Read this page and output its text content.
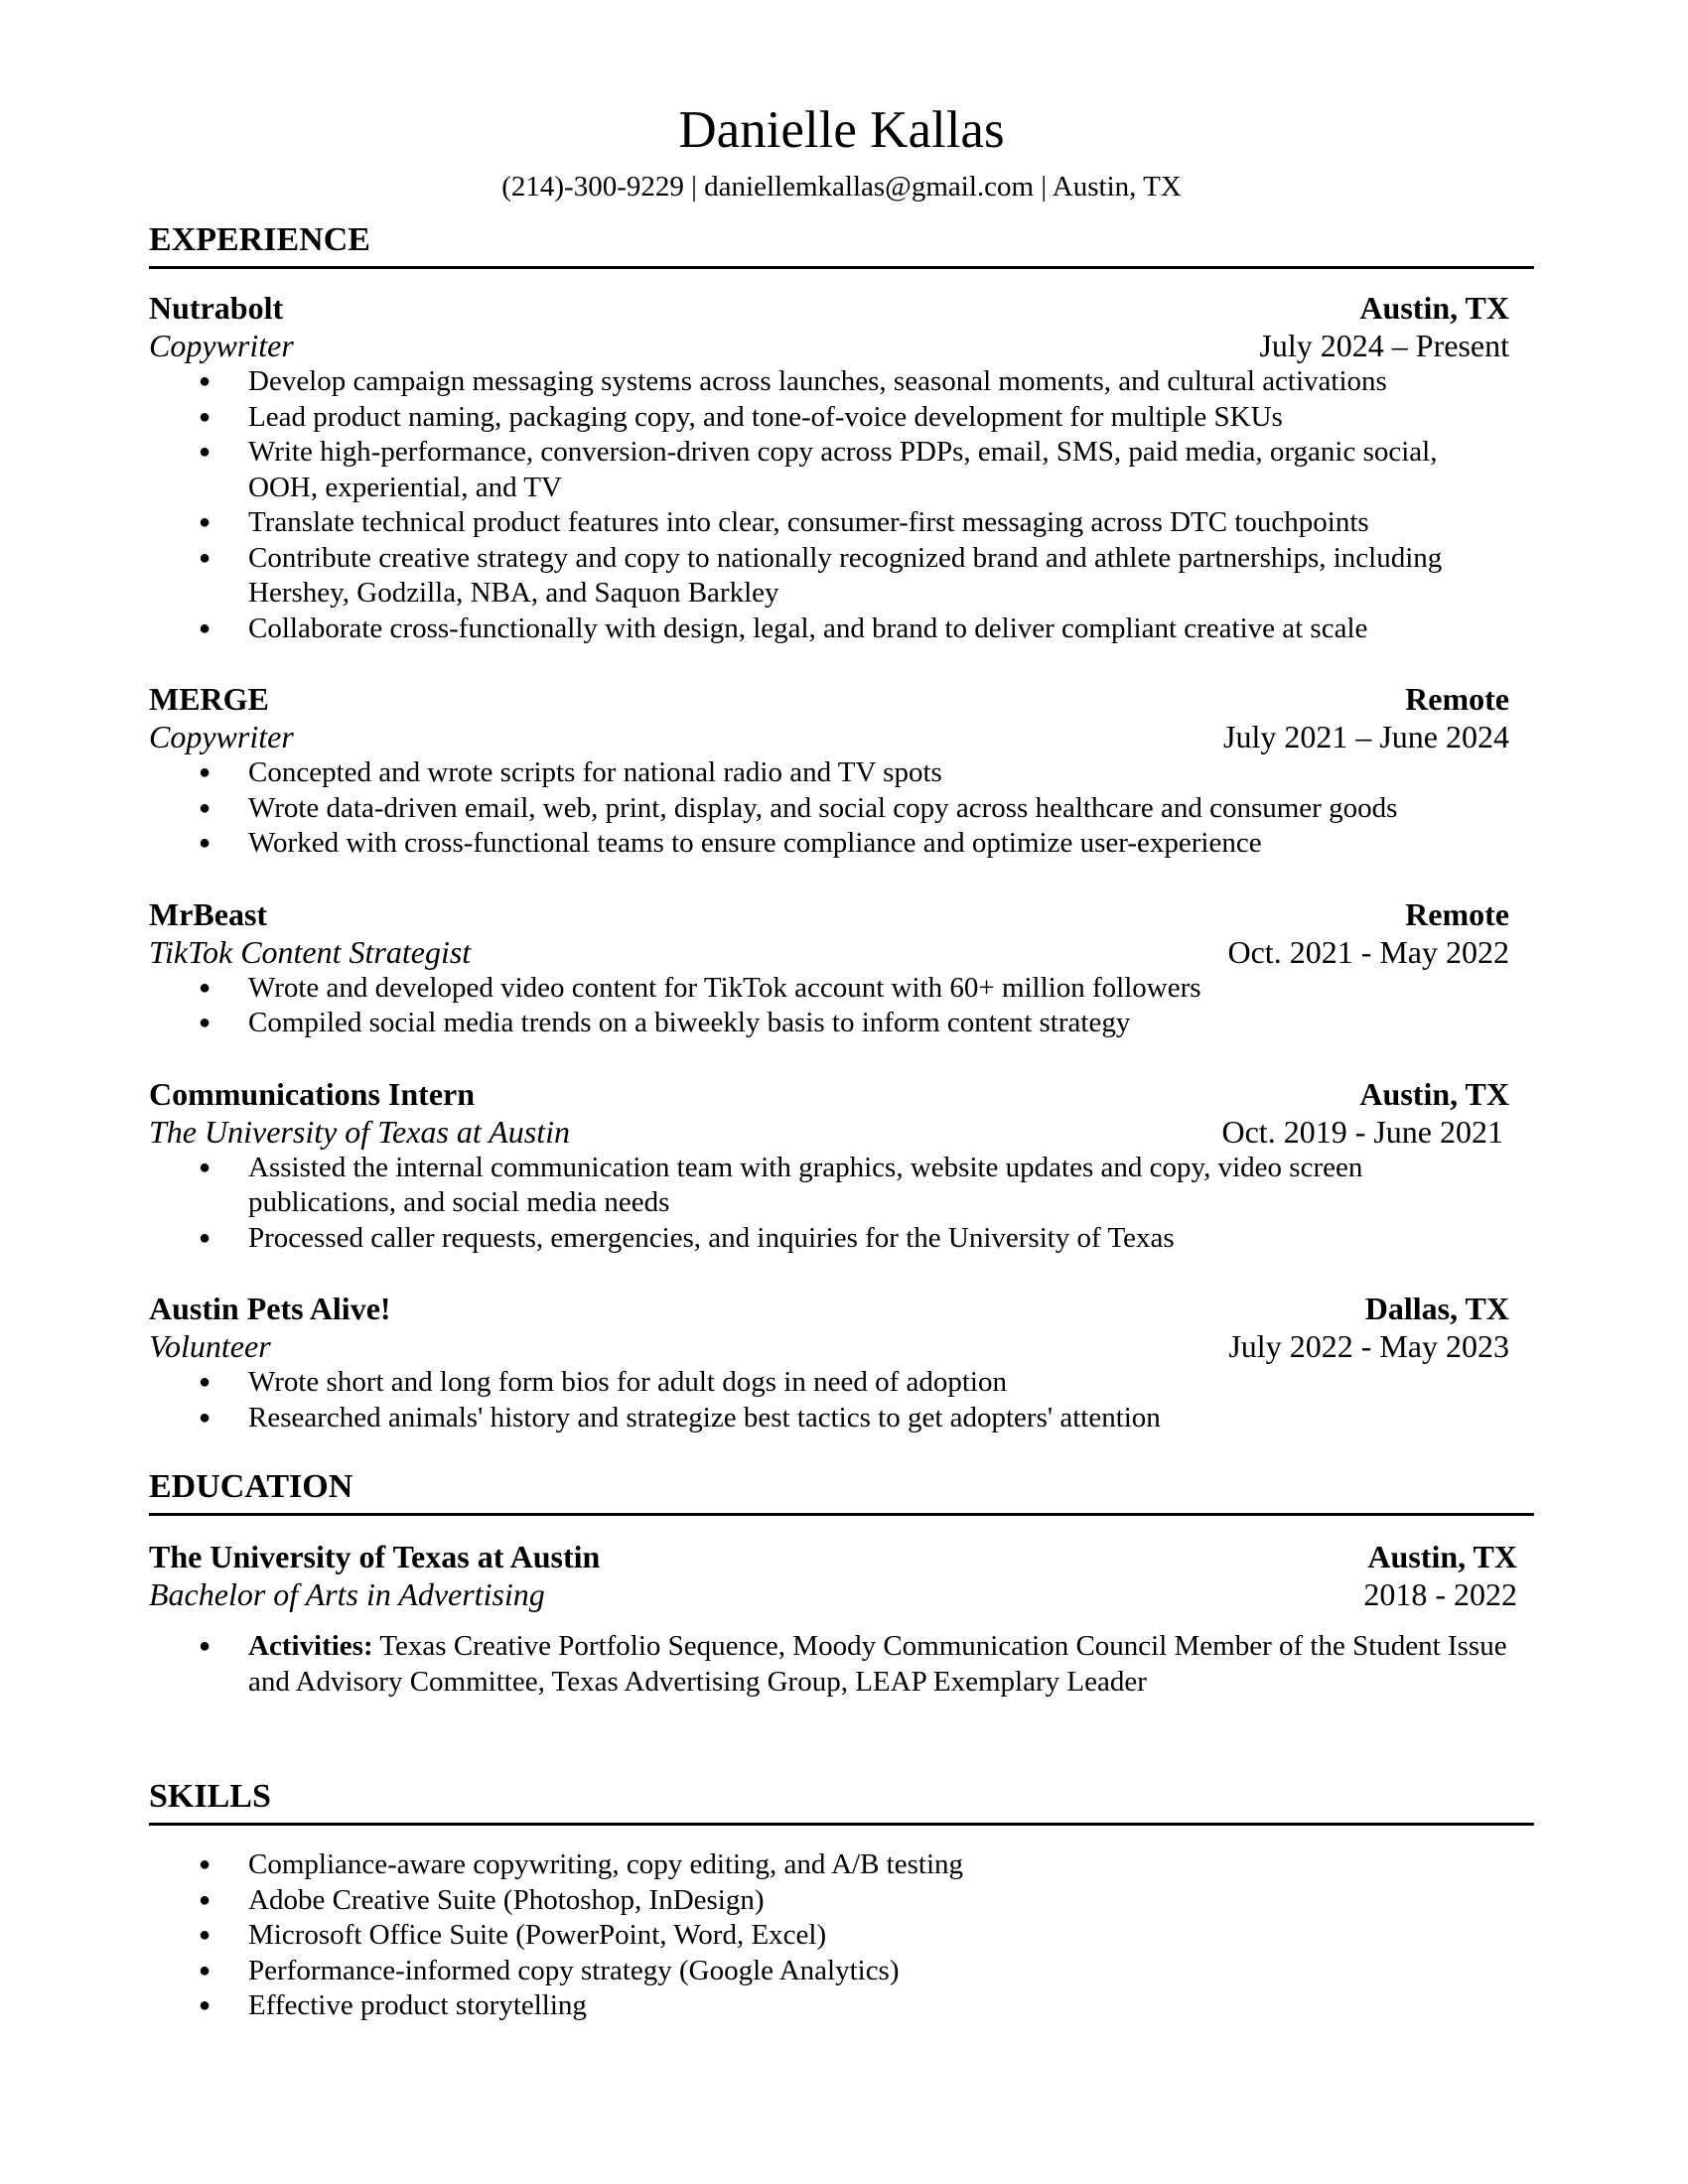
Danielle Kallas
(214)-300-9229 | daniellemkallas@gmail.com | Austin, TX
EXPERIENCE
Nutrabolt	Austin, TX
Copywriter	July 2024 – Present
● Develop campaign messaging systems across launches, seasonal moments, and cultural activations
● Lead product naming, packaging copy, and tone-of-voice development for multiple SKUs
● Write high-performance, conversion-driven copy across PDPs, email, SMS, paid media, organic social, OOH, experiential, and TV
● Translate technical product features into clear, consumer-first messaging across DTC touchpoints
● Contribute creative strategy and copy to nationally recognized brand and athlete partnerships, including Hershey, Godzilla, NBA, and Saquon Barkley
● Collaborate cross-functionally with design, legal, and brand to deliver compliant creative at scale
MERGE	Remote
Copywriter	July 2021 – June 2024
● Concepted and wrote scripts for national radio and TV spots
● Wrote data-driven email, web, print, display, and social copy across healthcare and consumer goods
● Worked with cross-functional teams to ensure compliance and optimize user-experience
MrBeast	Remote
TikTok Content Strategist	Oct. 2021 - May 2022
● Wrote and developed video content for TikTok account with 60+ million followers
● Compiled social media trends on a biweekly basis to inform content strategy
Communications Intern	Austin, TX
The University of Texas at Austin	Oct. 2019 - June 2021
● Assisted the internal communication team with graphics, website updates and copy, video screen publications, and social media needs
● Processed caller requests, emergencies, and inquiries for the University of Texas
Austin Pets Alive!	Dallas, TX
Volunteer	July 2022 - May 2023
● Wrote short and long form bios for adult dogs in need of adoption
● Researched animals' history and strategize best tactics to get adopters' attention
EDUCATION
The University of Texas at Austin	Austin, TX
Bachelor of Arts in Advertising	2018 - 2022
● Activities: Texas Creative Portfolio Sequence, Moody Communication Council Member of the Student Issue and Advisory Committee, Texas Advertising Group, LEAP Exemplary Leader
SKILLS
● Compliance-aware copywriting, copy editing, and A/B testing
● Adobe Creative Suite (Photoshop, InDesign)
● Microsoft Office Suite (PowerPoint, Word, Excel)
● Performance-informed copy strategy (Google Analytics)
● Effective product storytelling
